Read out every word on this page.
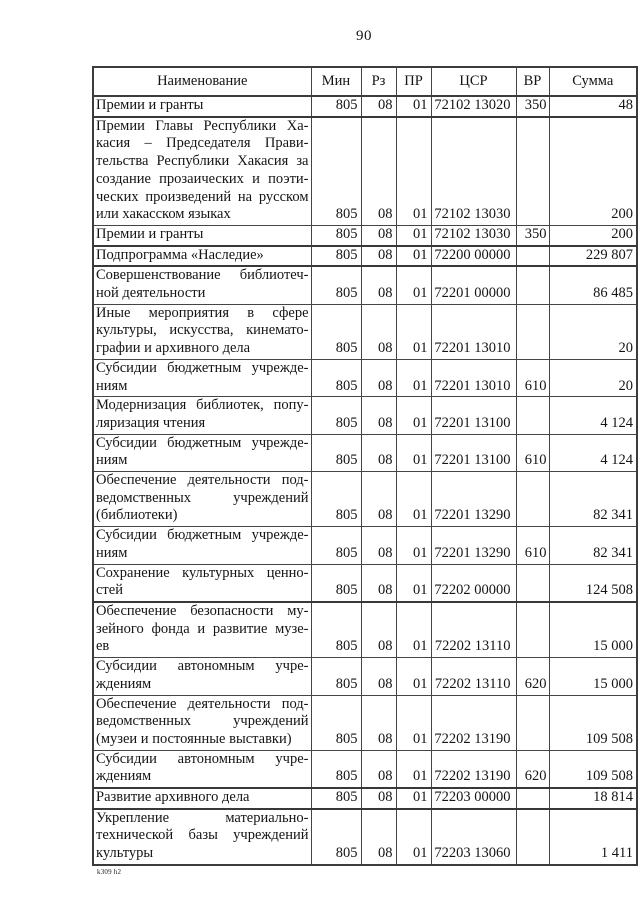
90
Наименование	Мин	Рз	ПР	ЦСР	ВР	Сумма

Премии и гранты	805	08	01	72102 13020	350	48

Премии Главы Республики Ха-
касия – Председателя Прави-
тельства Республики Хакасия за
создание прозаических и поэти-
ческих произведений на русском
или хакасском языках	805	08	01	72102 13030		200

Премии и гранты	805	08	01	72102 13030	350	200

Подпрограмма «Наследие»	805	08	01	72200 00000		229 807

Совершенствование библиотеч-
ной деятельности	805	08	01	72201 00000		86 485

Иные мероприятия в сфере
культуры, искусства, кинемато-
графии и архивного дела	805	08	01	72201 13010		20

Субсидии бюджетным учрежде-
ниям	805	08	01	72201 13010	610	20

Модернизация библиотек, попу-
ляризация чтения	805	08	01	72201 13100		4 124

Субсидии бюджетным учрежде-
ниям	805	08	01	72201 13100	610	4 124

Обеспечение деятельности под-
ведомственных учреждений
(библиотеки)	805	08	01	72201 13290		82 341

Субсидии бюджетным учрежде-
ниям	805	08	01	72201 13290	610	82 341

Сохранение культурных ценно-
стей	805	08	01	72202 00000		124 508

Обеспечение безопасности му-
зейного фонда и развитие музе-
ев	805	08	01	72202 13110		15 000

Субсидии автономным учре-
ждениям	805	08	01	72202 13110	620	15 000

Обеспечение деятельности под-
ведомственных учреждений
(музеи и постоянные выставки)	805	08	01	72202 13190		109 508

Субсидии автономным учре-
ждениям	805	08	01	72202 13190	620	109 508

Развитие архивного дела	805	08	01	72203 00000		18 814

Укрепление материально-
технической базы учреждений
культуры	805	08	01	72203 13060		1 411
k309 h2
